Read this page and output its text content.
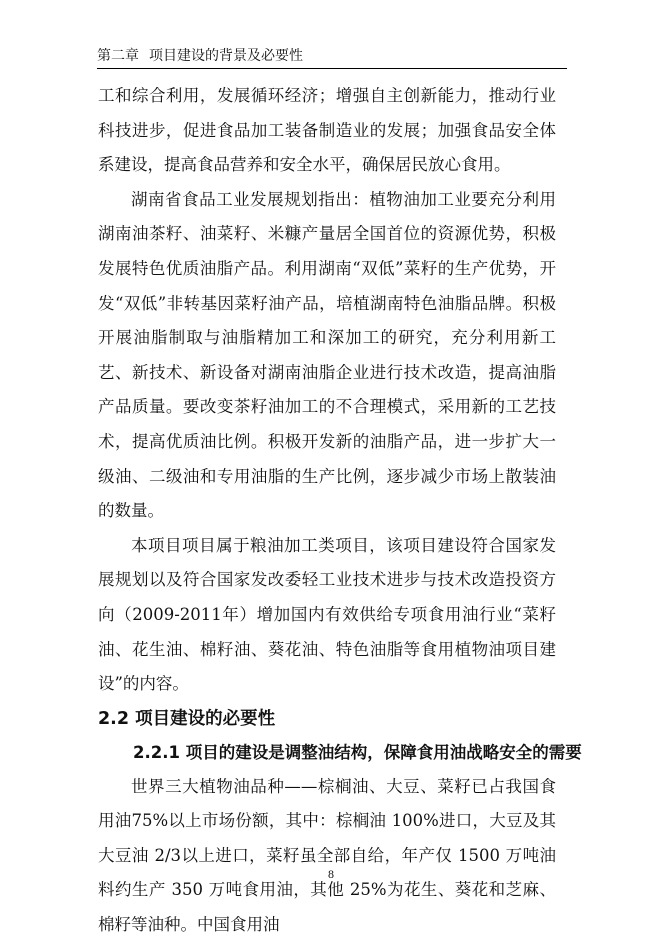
第二章 项目建设的背景及必要性

工和综合利用，发展循环经济；增强自主创新能力，推动行业科技进步，促进食品加工装备制造业的发展；加强食品安全体系建设，提高食品营养和安全水平，确保居民放心食用。

湖南省食品工业发展规划指出：植物油加工业要充分利用湖南油茶籽、油菜籽、米糠产量居全国首位的资源优势，积极发展特色优质油脂产品。利用湖南“双低”菜籽的生产优势，开发“双低”非转基因菜籽油产品，培植湖南特色油脂品牌。积极开展油脂制取与油脂精加工和深加工的研究，充分利用新工艺、新技术、新设备对湖南油脂企业进行技术改造，提高油脂产品质量。要改变茶籽油加工的不合理模式，采用新的工艺技术，提高优质油比例。积极开发新的油脂产品，进一步扩大一级油、二级油和专用油脂的生产比例，逐步减少市场上散装油的数量。

本项目项目属于粮油加工类项目，该项目建设符合国家发展规划以及符合国家发改委轻工业技术进步与技术改造投资方向（2009-2011年）增加国内有效供给专项食用油行业“菜籽油、花生油、棉籽油、葵花油、特色油脂等食用植物油项目建设”的内容。

2.2 项目建设的必要性
2.2.1 项目的建设是调整油结构，保障食用油战略安全的需要

世界三大植物油品种——棕榈油、大豆、菜籽已占我国食用油75%以上市场份额，其中：棕榈油 100%进口，大豆及其大豆油 2/3以上进口，菜籽虽全部自给，年产仅 1500 万吨油料约生产 350 万吨食用油，其他 25%为花生、葵花和芝麻、棉籽等油种。中国食用油

8
